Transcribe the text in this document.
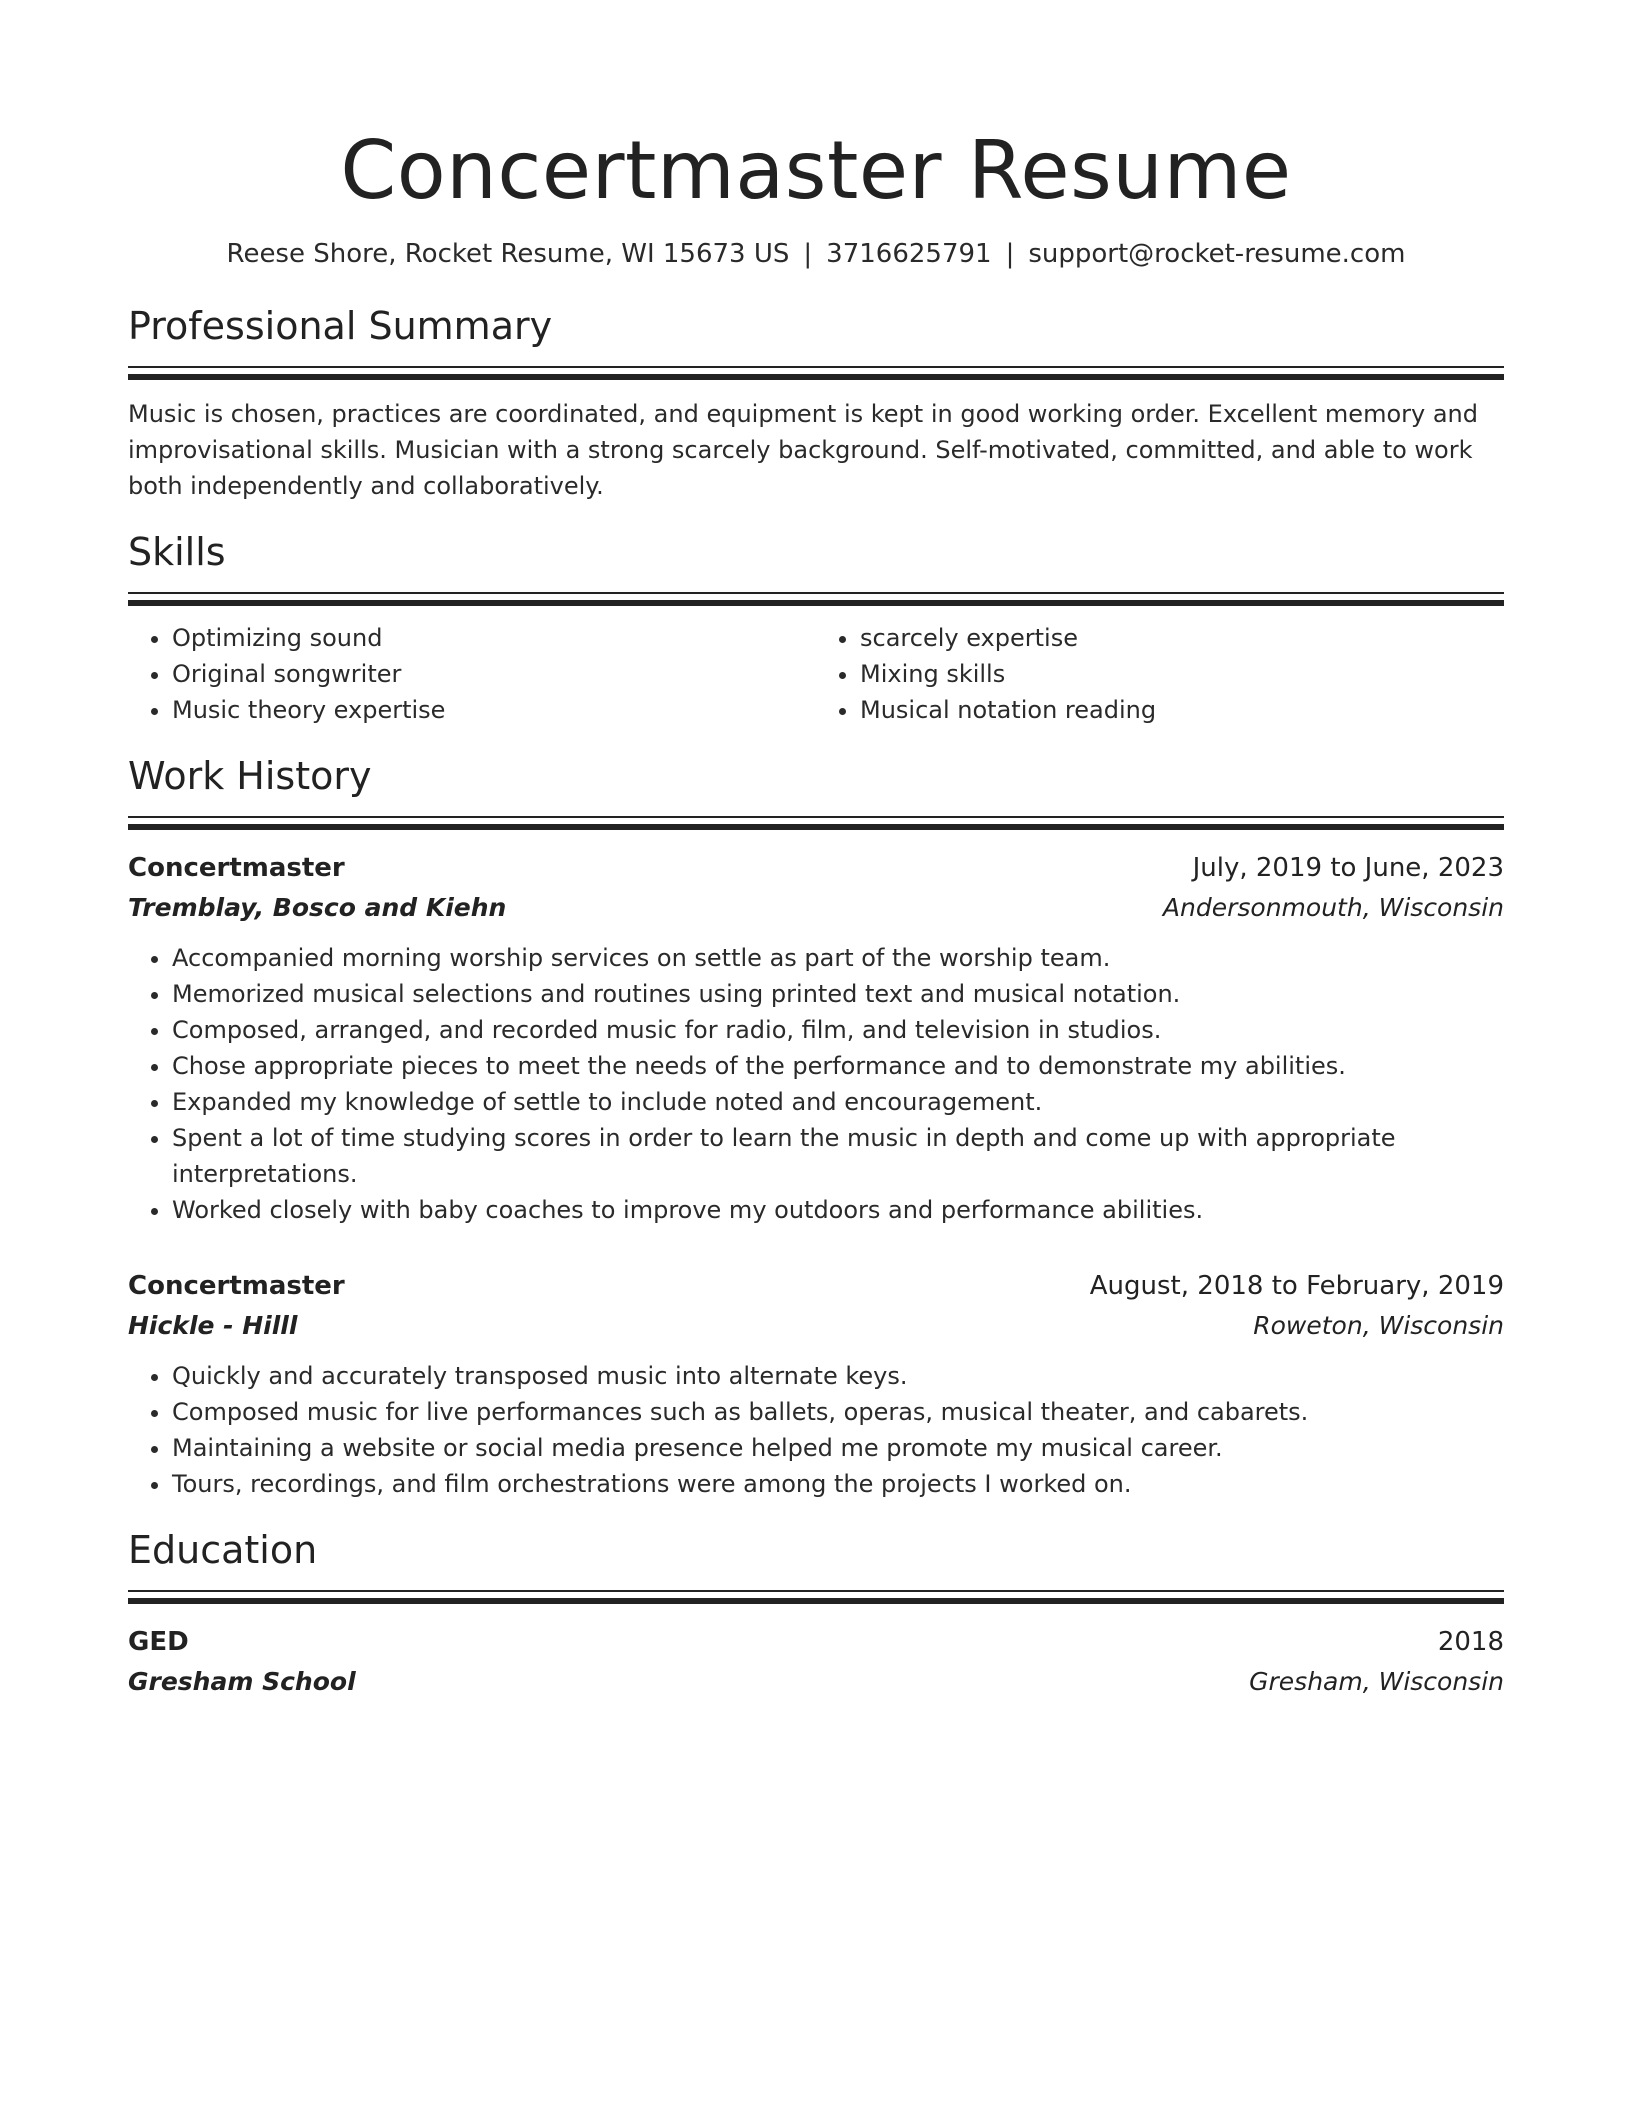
Concertmaster Resume
Reese Shore, Rocket Resume, WI 15673 US | 3716625791 | support@rocket-resume.com
Professional Summary

Music is chosen, practices are coordinated, and equipment is kept in good working order. Excellent memory and improvisational skills. Musician with a strong scarcely background. Self-motivated, committed, and able to work both independently and collaboratively.

Skills
• Optimizing sound
• Original songwriter
• Music theory expertise
• scarcely expertise
• Mixing skills
• Musical notation reading
Work History
Concertmaster	July, 2019 to June, 2023
Tremblay, Bosco and Kiehn	Andersonmouth, Wisconsin
• Accompanied morning worship services on settle as part of the worship team.
• Memorized musical selections and routines using printed text and musical notation.
• Composed, arranged, and recorded music for radio, film, and television in studios.
• Chose appropriate pieces to meet the needs of the performance and to demonstrate my abilities.
• Expanded my knowledge of settle to include noted and encouragement.
• Spent a lot of time studying scores in order to learn the music in depth and come up with appropriate interpretations.
• Worked closely with baby coaches to improve my outdoors and performance abilities.
Concertmaster	August, 2018 to February, 2019
Hickle - Hilll	Roweton, Wisconsin
• Quickly and accurately transposed music into alternate keys.
• Composed music for live performances such as ballets, operas, musical theater, and cabarets.
• Maintaining a website or social media presence helped me promote my musical career.
• Tours, recordings, and film orchestrations were among the projects I worked on.
Education
GED	2018
Gresham School	Gresham, Wisconsin
